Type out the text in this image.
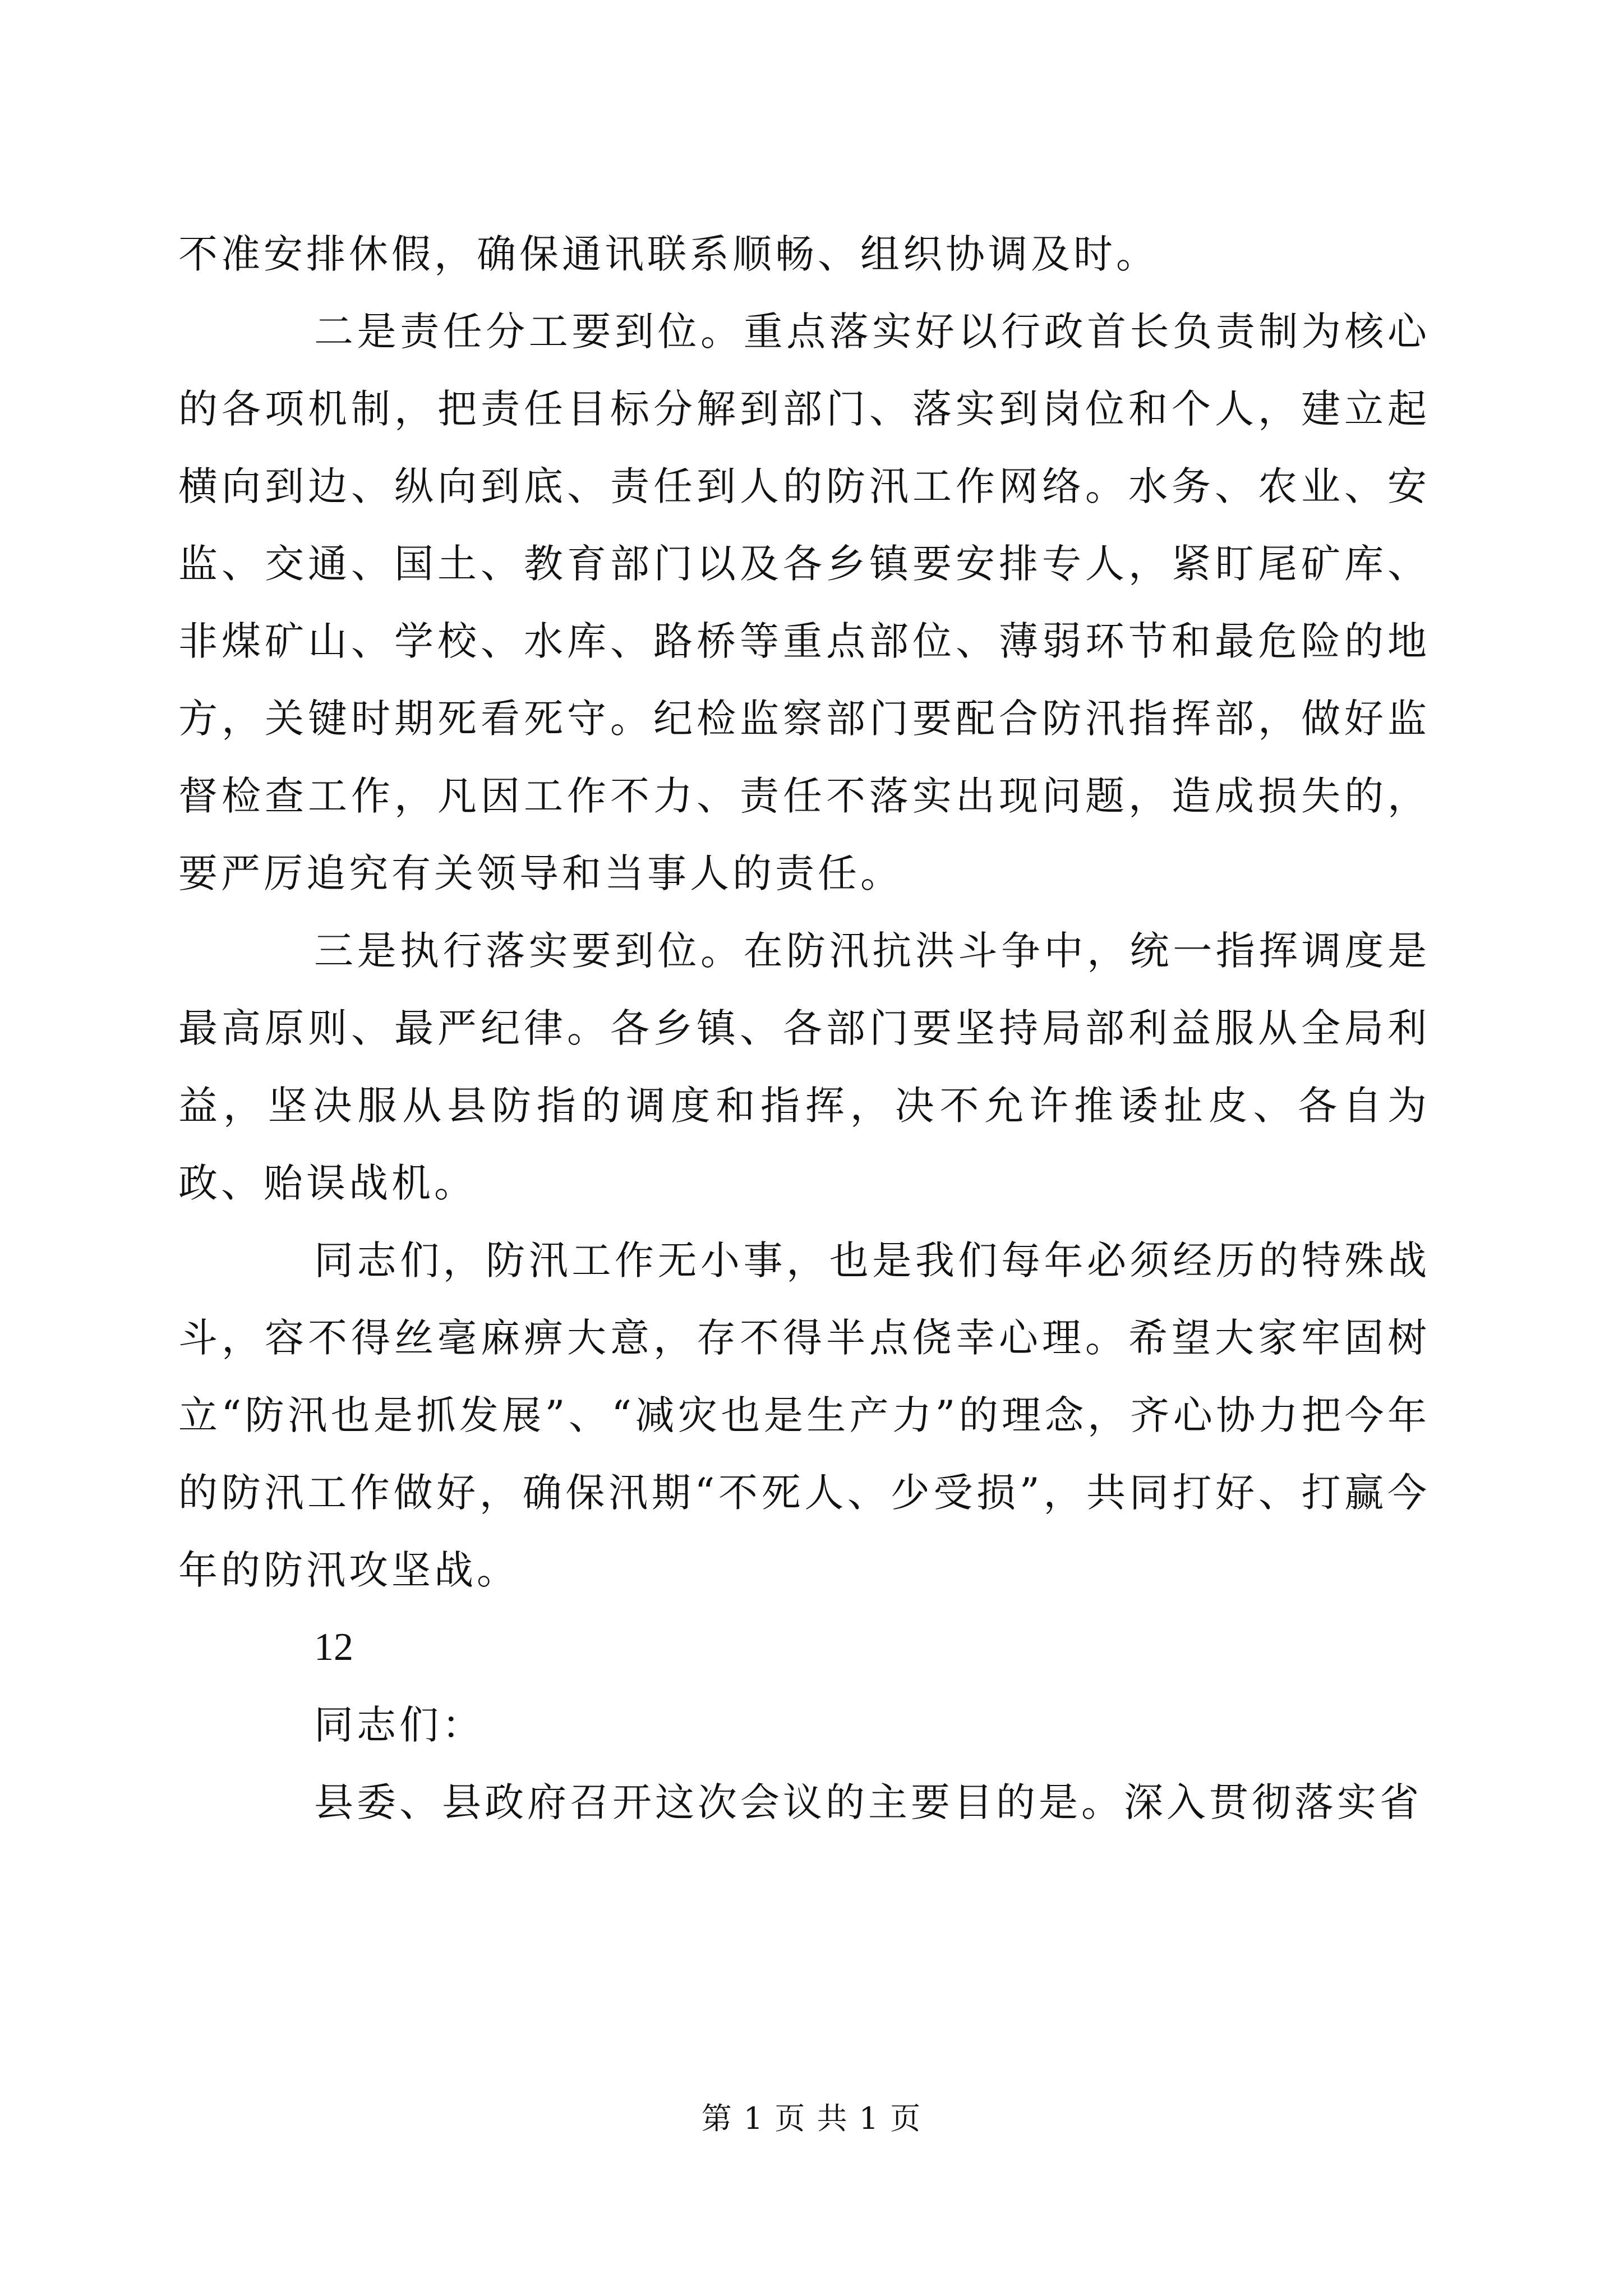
不准安排休假，确保通讯联系顺畅、组织协调及时。

二是责任分工要到位。重点落实好以行政首长负责制为核心的各项机制，把责任目标分解到部门、落实到岗位和个人，建立起横向到边、纵向到底、责任到人的防汛工作网络。水务、农业、安监、交通、国土、教育部门以及各乡镇要安排专人，紧盯尾矿库、非煤矿山、学校、水库、路桥等重点部位、薄弱环节和最危险的地方，关键时期死看死守。纪检监察部门要配合防汛指挥部，做好监督检查工作，凡因工作不力、责任不落实出现问题，造成损失的，要严厉追究有关领导和当事人的责任。

三是执行落实要到位。在防汛抗洪斗争中，统一指挥调度是最高原则、最严纪律。各乡镇、各部门要坚持局部利益服从全局利益，坚决服从县防指的调度和指挥，决不允许推诿扯皮、各自为政、贻误战机。

同志们，防汛工作无小事，也是我们每年必须经历的特殊战斗，容不得丝毫麻痹大意，存不得半点侥幸心理。希望大家牢固树立“防汛也是抓发展”、“减灾也是生产力”的理念，齐心协力把今年的防汛工作做好，确保汛期“不死人、少受损”，共同打好、打赢今年的防汛攻坚战。

12

同志们：

县委、县政府召开这次会议的主要目的是。深入贯彻落实省

第 1 页 共 1 页
